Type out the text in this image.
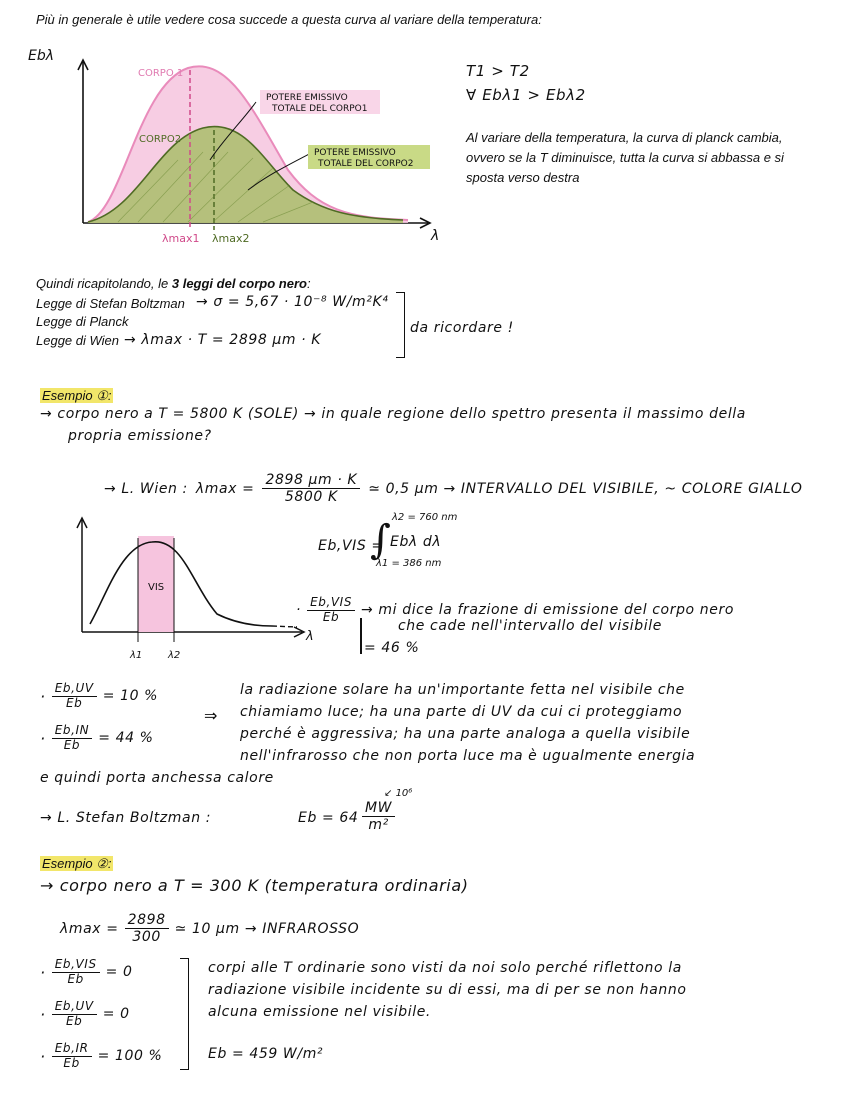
Più in generale è utile vedere cosa succede a questa curva al variare della temperatura:
Ebλ
λ
CORPO 1
CORPO2
POTERE EMISSIVO
TOTALE DEL CORPO1
POTERE EMISSIVO
TOTALE DEL CORPO2
λmax1 λmax2
T1 > T2
∀ Ebλ1 > Ebλ2
Al variare della temperatura, la curva di planck cambia, ovvero se la T diminuisce, tutta la curva si abbassa e si sposta verso destra
Quindi ricapitolando, le 3 leggi del corpo nero:
Legge di Stefan Boltzman → σ = 5,67 · 10⁻⁸ W/m²K⁴
Legge di Planck
Legge di Wien → λmax · T = 2898 μm · K
da ricordare !
Esempio ①:
→ corpo nero a T = 5800 K (SOLE) → in quale regione dello spettro presenta il massimo della
propria emissione?
→ L. Wien : $\lambda\max = \frac{2898 \mu m \cdot K}{5800 K}$ ≃ 0,5 μm → INTERVALLO DEL VISIBILE, ~ COLORE GIALLO
VIS
λ1	λ2
λ
Eb,VIS =
∫ λ2 = 760 nm
λ1 = 386 nm
Ebλ dλ
· $\frac{\text{Eb,VIS}}{Eb}$ → mi dice la frazione di emissione del corpo nero
che cade nell'intervallo del visibile
= 46 %
· $\frac{Eb,UV}{Eb} = 10$ %
· $\frac{Eb,IN}{Eb} = 44$ %
⇒
la radiazione solare ha un'importante fetta nel visibile che
chiamiamo luce; ha una parte di UV da cui ci proteggiamo
perché è aggressiva; ha una parte analoga a quella visibile
nell'infrarosso che non porta luce ma è ugualmente energia
e quindi porta anchessa calore
→ L. Stefan Boltzman :	$Eb = 64 \frac{MW}{\text{m²}}$
↙ 10⁶
Esempio ②:
→ corpo nero a T = 300 K (temperatura ordinaria)
$\lambda\max = \frac{2898}{300}$ ≃ 10 μm → INFRAROSSO
· $\frac{\text{Eb,VIS}}{Eb} = 0$
· $\frac{Eb,UV}{Eb} = 0$
· $\frac{Eb,IR}{Eb} = 100$ %
corpi alle T ordinarie sono visti da noi solo perché riflettono la
radiazione visibile incidente su di essi, ma di per se non hanno
alcuna emissione nel visibile.
Eb = 459 W/m²
